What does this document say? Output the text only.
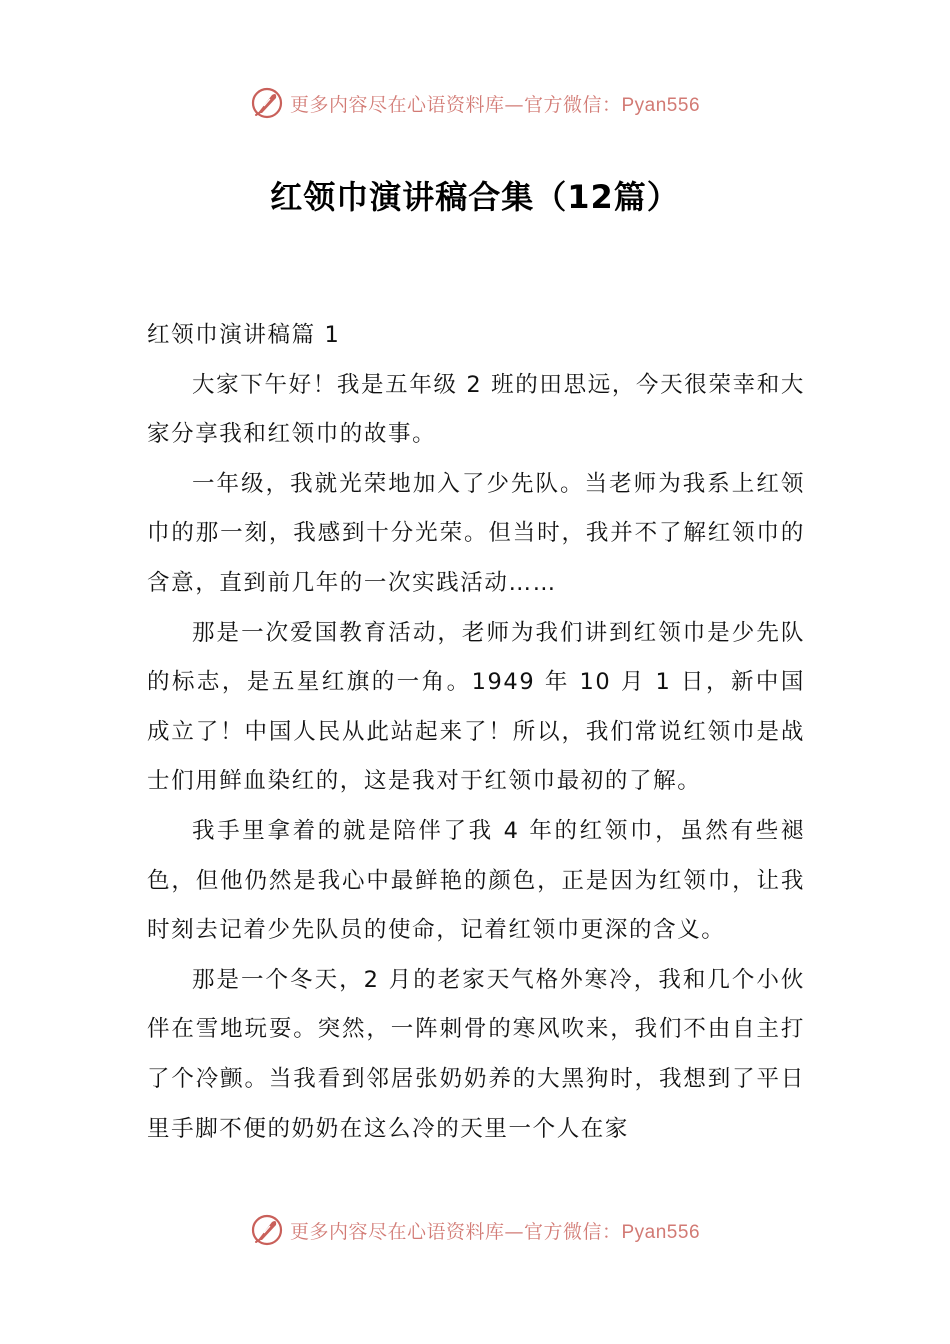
更多内容尽在心语资料库—官方微信：Pyan556
红领巾演讲稿合集（12篇）

红领巾演讲稿篇 1

大家下午好！我是五年级 2 班的田思远，今天很荣幸和大家分享我和红领巾的故事。

一年级，我就光荣地加入了少先队。当老师为我系上红领巾的那一刻，我感到十分光荣。但当时，我并不了解红领巾的含意，直到前几年的一次实践活动……

那是一次爱国教育活动，老师为我们讲到红领巾是少先队的标志，是五星红旗的一角。1949 年 10 月 1 日，新中国成立了！中国人民从此站起来了！所以，我们常说红领巾是战士们用鲜血染红的，这是我对于红领巾最初的了解。

我手里拿着的就是陪伴了我 4 年的红领巾，虽然有些褪色，但他仍然是我心中最鲜艳的颜色，正是因为红领巾，让我时刻去记着少先队员的使命，记着红领巾更深的含义。

那是一个冬天，2 月的老家天气格外寒冷，我和几个小伙伴在雪地玩耍。突然，一阵刺骨的寒风吹来，我们不由自主打了个冷颤。当我看到邻居张奶奶养的大黑狗时，我想到了平日里手脚不便的奶奶在这么冷的天里一个人在家

更多内容尽在心语资料库—官方微信：Pyan556
